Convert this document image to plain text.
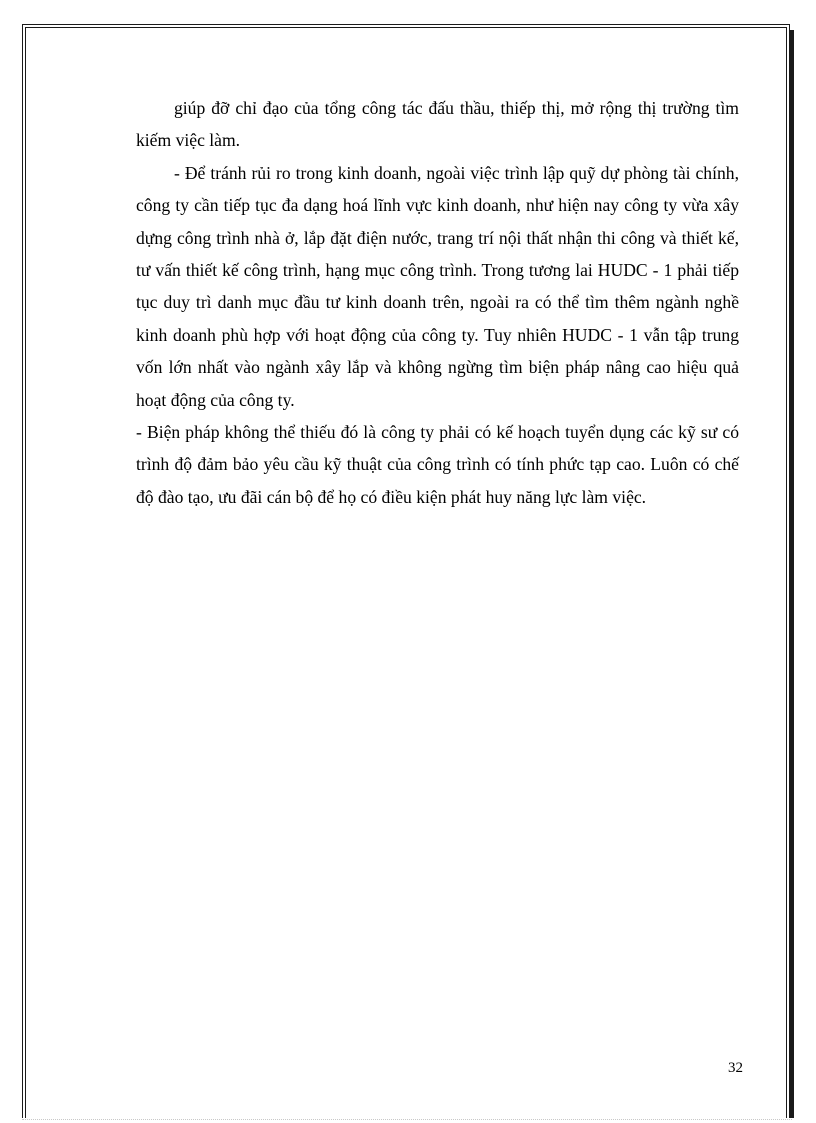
giúp đỡ chỉ đạo của tổng công tác đấu thầu, thiếp thị, mở rộng thị trường tìm kiếm việc làm.

- Để tránh rủi ro trong kinh doanh, ngoài việc trình lập quỹ dự phòng tài chính, công ty cần tiếp tục đa dạng hoá lĩnh vực kinh doanh, như hiện nay công ty vừa xây dựng công trình nhà ở, lắp đặt điện nước, trang trí nội thất nhận thi công và thiết kế, tư vấn thiết kế công trình, hạng mục công trình. Trong tương lai HUDC - 1 phải tiếp tục duy trì danh mục đầu tư kinh doanh trên, ngoài ra có thể tìm thêm ngành nghề kinh doanh phù hợp với hoạt động của công ty. Tuy nhiên HUDC - 1 vẫn tập trung vốn lớn nhất vào ngành xây lắp và không ngừng tìm biện pháp nâng cao hiệu quả hoạt động của công ty.

- Biện pháp không thể thiếu đó là công ty phải có kế hoạch tuyển dụng các kỹ sư có trình độ đảm bảo yêu cầu kỹ thuật của công trình có tính phức tạp cao. Luôn có chế độ đào tạo, ưu đãi cán bộ để họ có điều kiện phát huy năng lực làm việc.

32
